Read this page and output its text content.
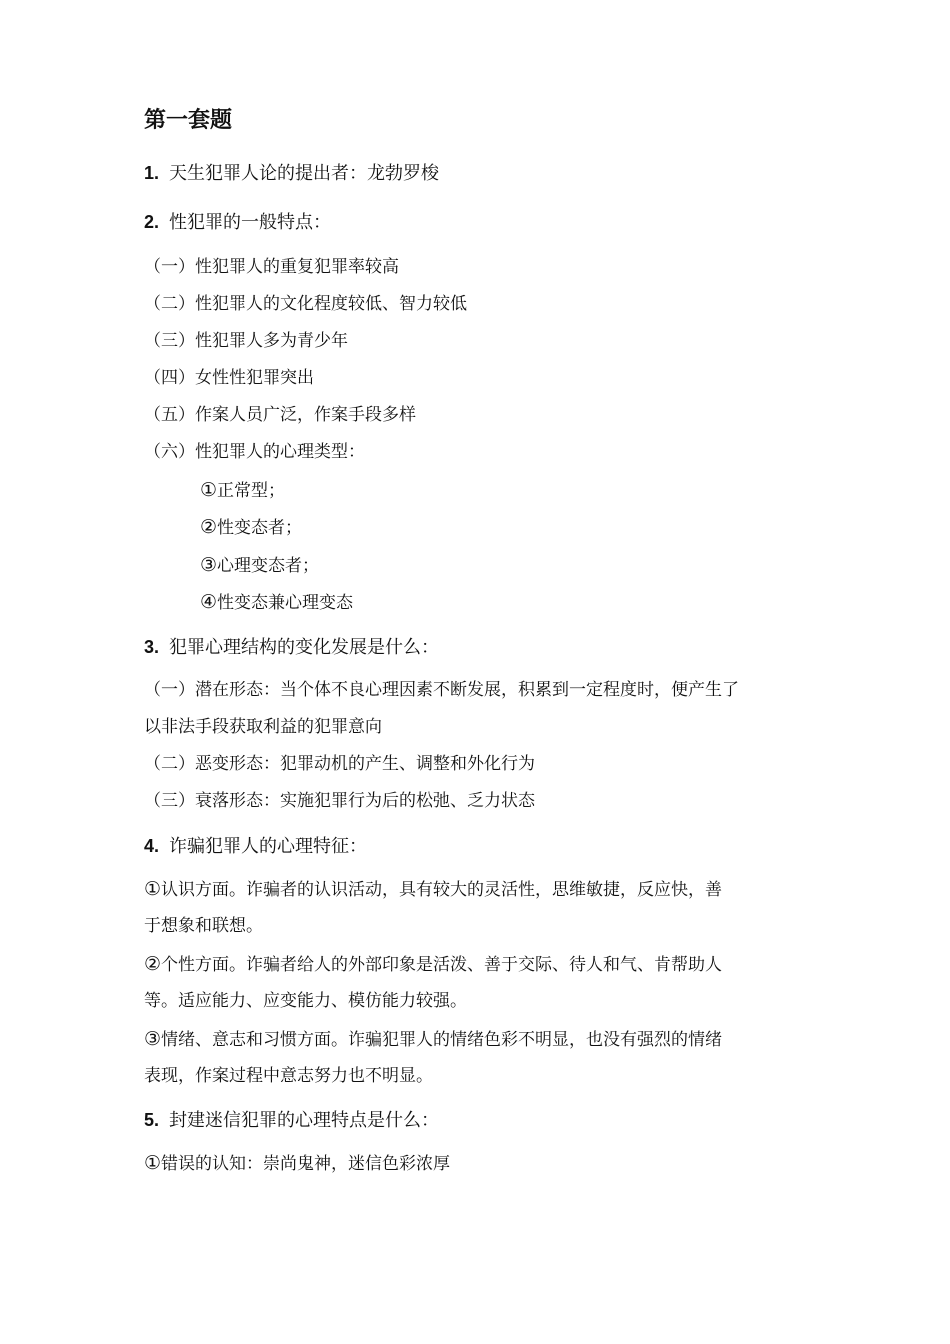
第一套题
1. 天生犯罪人论的提出者：龙勃罗梭
2. 性犯罪的一般特点：
（一）性犯罪人的重复犯罪率较高
（二）性犯罪人的文化程度较低、智力较低
（三）性犯罪人多为青少年
（四）女性性犯罪突出
（五）作案人员广泛，作案手段多样
（六）性犯罪人的心理类型：
①正常型；
②性变态者；
③心理变态者；
④性变态兼心理变态
3. 犯罪心理结构的变化发展是什么：
（一）潜在形态：当个体不良心理因素不断发展，积累到一定程度时，便产生了
以非法手段获取利益的犯罪意向
（二）恶变形态：犯罪动机的产生、调整和外化行为
（三）衰落形态：实施犯罪行为后的松弛、乏力状态
4. 诈骗犯罪人的心理特征：
①认识方面。诈骗者的认识活动，具有较大的灵活性，思维敏捷，反应快，善
于想象和联想。
②个性方面。诈骗者给人的外部印象是活泼、善于交际、待人和气、肯帮助人
等。适应能力、应变能力、模仿能力较强。
③情绪、意志和习惯方面。诈骗犯罪人的情绪色彩不明显，也没有强烈的情绪
表现，作案过程中意志努力也不明显。
5. 封建迷信犯罪的心理特点是什么：
①错误的认知：崇尚鬼神，迷信色彩浓厚
